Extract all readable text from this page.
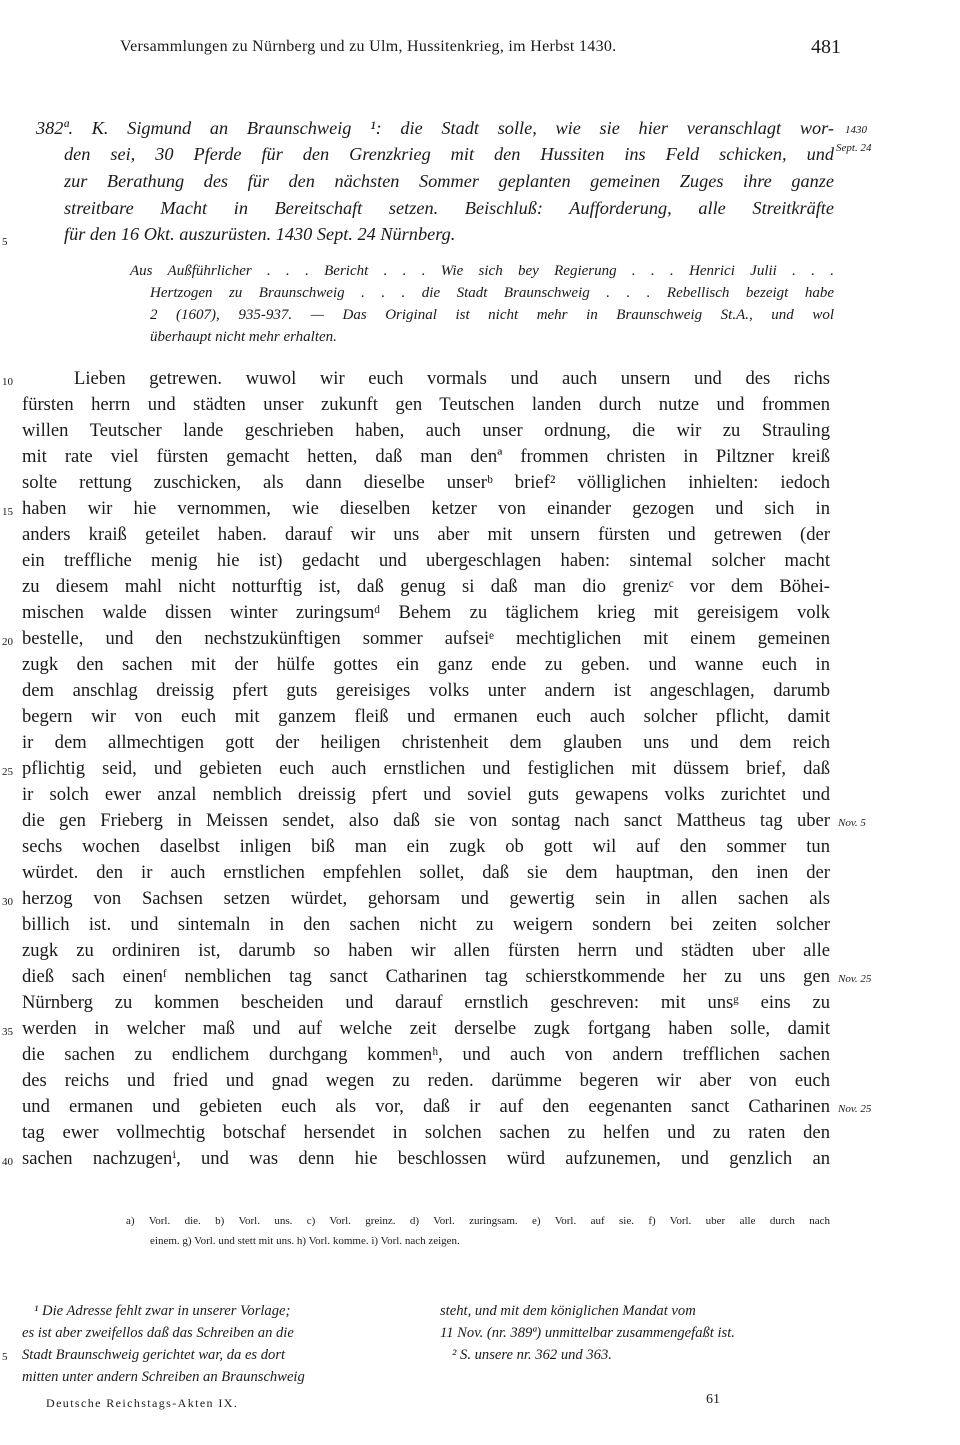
Versammlungen zu Nürnberg und zu Ulm, Hussitenkrieg, im Herbst 1430.	481
382ª. K. Sigmund an Braunschweig ¹: die Stadt solle, wie sie hier veranschlagt wor-
den sei, 30 Pferde für den Grenzkrieg mit den Hussiten ins Feld schicken, und
zur Berathung des für den nächsten Sommer geplanten gemeinen Zuges ihre ganze
streitbare Macht in Bereitschaft setzen. Beischluß: Aufforderung, alle Streitkräfte
für den 16 Okt. auszurüsten. 1430 Sept. 24 Nürnberg.
1430
Sept. 24
5
Aus Außführlicher . . . Bericht . . . Wie sich bey Regierung . . . Henrici Julii . . .
Hertzogen zu Braunschweig . . . die Stadt Braunschweig . . . Rebellisch bezeigt habe
2 (1607), 935-937. — Das Original ist nicht mehr in Braunschweig St.A., und wol
überhaupt nicht mehr erhalten.
Lieben getrewen. wuwol wir euch vormals und auch unsern und des richs
fürsten herrn und städten unser zukunft gen Teutschen landen durch nutze und frommen
willen Teutscher lande geschrieben haben, auch unser ordnung, die wir zu Strauling
mit rate viel fürsten gemacht hetten, daß man denª frommen christen in Piltzner kreiß
solte rettung zuschicken, als dann dieselbe unserᵇ brief² völliglichen inhielten: iedoch
haben wir hie vernommen, wie dieselben ketzer von einander gezogen und sich in
anders kraiß geteilet haben. darauf wir uns aber mit unsern fürsten und getrewen (der
ein treffliche menig hie ist) gedacht und ubergeschlagen haben: sintemal solcher macht
zu diesem mahl nicht notturftig ist, daß genug si daß man dio grenizᶜ vor dem Böhei-
mischen walde dissen winter zuringsumᵈ Behem zu täglichem krieg mit gereisigem volk
bestelle, und den nechstzukünftigen sommer aufseiᵉ mechtiglichen mit einem gemeinen
zugk den sachen mit der hülfe gottes ein ganz ende zu geben. und wanne euch in
dem anschlag dreissig pfert guts gereisiges volks unter andern ist angeschlagen, darumb
begern wir von euch mit ganzem fleiß und ermanen euch auch solcher pflicht, damit
ir dem allmechtigen gott der heiligen christenheit dem glauben uns und dem reich
pflichtig seid, und gebieten euch auch ernstlichen und festiglichen mit düssem brief, daß
ir solch ewer anzal nemblich dreissig pfert und soviel guts gewapens volks zurichtet und
die gen Frieberg in Meissen sendet, also daß sie von sontag nach sanct Mattheus tag uber
sechs wochen daselbst inligen biß man ein zugk ob gott wil auf den sommer tun
würdet. den ir auch ernstlichen empfehlen sollet, daß sie dem hauptman, den inen der
herzog von Sachsen setzen würdet, gehorsam und gewertig sein in allen sachen als
billich ist. und sintemaln in den sachen nicht zu weigern sondern bei zeiten solcher
zugk zu ordiniren ist, darumb so haben wir allen fürsten herrn und städten uber alle
dieß sach einenᶠ nemblichen tag sanct Catharinen tag schierstkommende her zu uns gen
Nürnberg zu kommen bescheiden und darauf ernstlich geschreven: mit unsᵍ eins zu
werden in welcher maß und auf welche zeit derselbe zugk fortgang haben solle, damit
die sachen zu endlichem durchgang kommenʰ, und auch von andern trefflichen sachen
des reichs und fried und gnad wegen zu reden. darümme begeren wir aber von euch
und ermanen und gebieten euch als vor, daß ir auf den eegenanten sanct Catharinen
tag ewer vollmechtig botschaf hersendet in solchen sachen zu helfen und zu raten den
sachen nachzugenⁱ, und was denn hie beschlossen würd aufzunemen, und genzlich an
10
15
20
25
30
35
40
Nov. 5
Nov. 25
Nov. 25
a) Vorl. die. b) Vorl. uns. c) Vorl. greinz. d) Vorl. zuringsam. e) Vorl. auf sie. f) Vorl. uber alle durch nach
einem. g) Vorl. und stett mit uns. h) Vorl. komme. i) Vorl. nach zeigen.
¹ Die Adresse fehlt zwar in unserer Vorlage;
es ist aber zweifellos daß das Schreiben an die
Stadt Braunschweig gerichtet war, da es dort
mitten unter andern Schreiben an Braunschweig
5
steht, und mit dem königlichen Mandat vom
11 Nov. (nr. 389ª) unmittelbar zusammengefaßt ist.
² S. unsere nr. 362 und 363.
Deutsche Reichstags-Akten IX.	61
